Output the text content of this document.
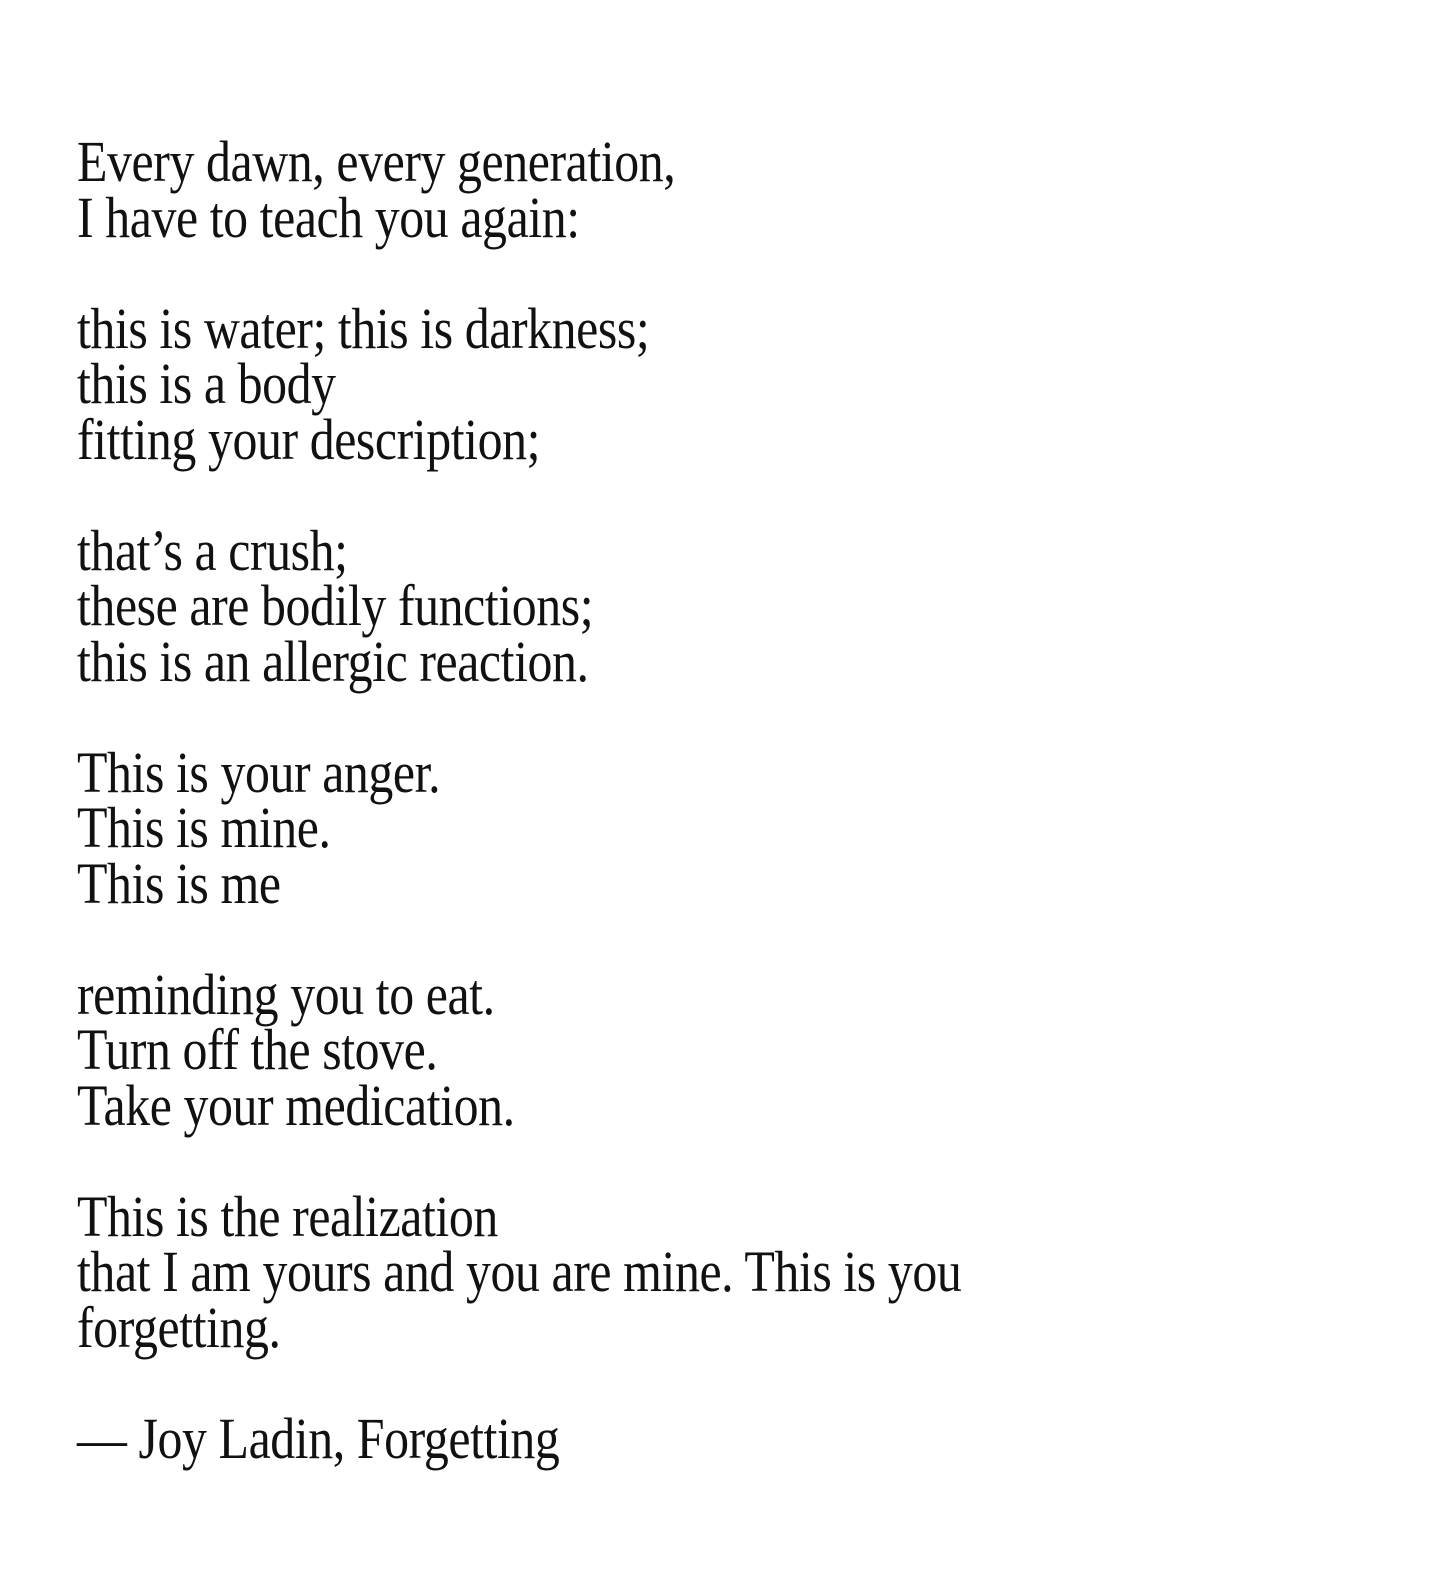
Every dawn, every generation,
I have to teach you again:
this is water; this is darkness;
this is a body
fitting your description;
that’s a crush;
these are bodily functions;
this is an allergic reaction.
This is your anger.
This is mine.
This is me
reminding you to eat.
Turn off the stove.
Take your medication.
This is the realization
that I am yours and you are mine. This is you
forgetting.
— Joy Ladin, Forgetting
